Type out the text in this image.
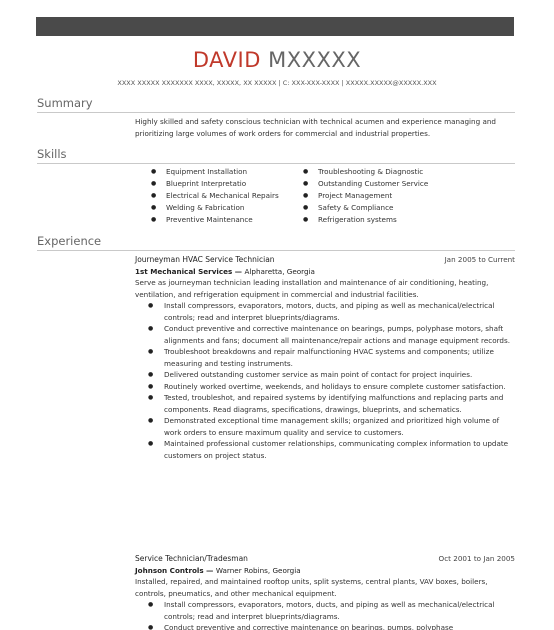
DAVID MXXXXX
XXXX XXXXX XXXXXXX XXXX, XXXXX, XX XXXXX | C: XXX-XXX-XXXX | XXXXX.XXXXX@XXXXX.XXX
Summary
Highly skilled and safety conscious technician with technical acumen and experience managing and prioritizing large volumes of work orders for commercial and industrial properties.
Skills
● Equipment Installation
● Blueprint Interpretatio
● Electrical & Mechanical Repairs
● Welding & Fabrication
● Preventive Maintenance
● Troubleshooting & Diagnostic
● Outstanding Customer Service
● Project Management
● Safety & Compliance
● Refrigeration systems
Experience
Journeyman HVAC Service Technician	Jan 2005 to Current
1st Mechanical Services — Alpharetta, Georgia
Serve as journeyman technician leading installation and maintenance of air conditioning, heating, ventilation, and refrigeration equipment in commercial and industrial facilities.
● Install compressors, evaporators, motors, ducts, and piping as well as mechanical/electrical controls; read and interpret blueprints/diagrams.
● Conduct preventive and corrective maintenance on bearings, pumps, polyphase motors, shaft alignments and fans; document all maintenance/repair actions and manage equipment records.
● Troubleshoot breakdowns and repair malfunctioning HVAC systems and components; utilize measuring and testing instruments.
● Delivered outstanding customer service as main point of contact for project inquiries.
● Routinely worked overtime, weekends, and holidays to ensure complete customer satisfaction.
● Tested, troubleshot, and repaired systems by identifying malfunctions and replacing parts and components. Read diagrams, specifications, drawings, blueprints, and schematics.
● Demonstrated exceptional time management skills; organized and prioritized high volume of work orders to ensure maximum quality and service to customers.
● Maintained professional customer relationships, communicating complex information to update customers on project status.
Service Technician/Tradesman	Oct 2001 to Jan 2005
Johnson Controls — Warner Robins, Georgia
Installed, repaired, and maintained rooftop units, split systems, central plants, VAV boxes, boilers, controls, pneumatics, and other mechanical equipment.
● Install compressors, evaporators, motors, ducts, and piping as well as mechanical/electrical controls; read and interpret blueprints/diagrams.
● Conduct preventive and corrective maintenance on bearings, pumps, polyphase
